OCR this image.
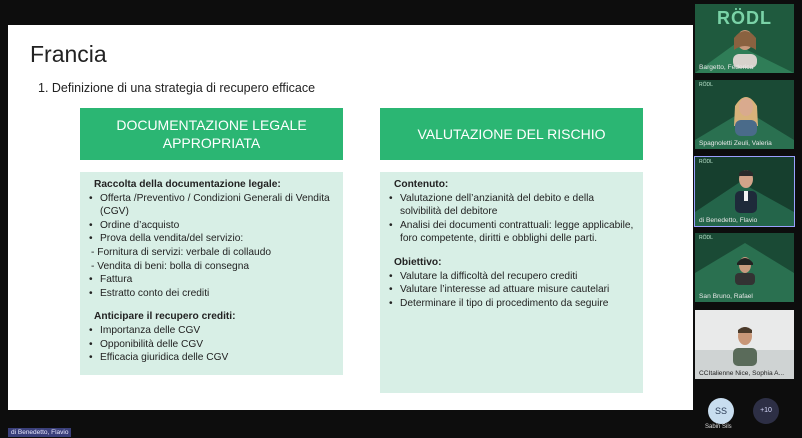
Francia
1. Definizione di una strategia di recupero efficace
DOCUMENTAZIONE LEGALE APPROPRIATA
VALUTAZIONE DEL RISCHIO
Raccolta della documentazione legale:
• Offerta /Preventivo / Condizioni Generali di Vendita (CGV)
• Ordine d’acquisto
• Prova della vendita/del servizio:
- Fornitura di servizi: verbale di collaudo
- Vendita di beni: bolla di consegna
• Fattura
• Estratto conto dei crediti
Anticipare il recupero crediti:
• Importanza delle CGV
• Opponibilità delle CGV
• Efficacia giuridica delle CGV
Contenuto:
• Valutazione dell’anzianità del debito e della solvibilità del debitore
• Analisi dei documenti contrattuali: legge applicabile, foro competente, diritti e obblighi delle parti.
Obiettivo:
• Valutare la difficoltà del recupero crediti
• Valutare l’interesse ad attuare misure cautelari
• Determinare il tipo di procedimento da seguire
RÖDL
Bargetto, Federica
RÖDL
Spagnoletti Zeuli, Valeria
RÖDL
di Benedetto, Flavio
RÖDL
San Bruno, Rafael
CCItalienne Nice, Sophia A...
SS
Sabin Sils
+10
di Benedetto, Flavio
